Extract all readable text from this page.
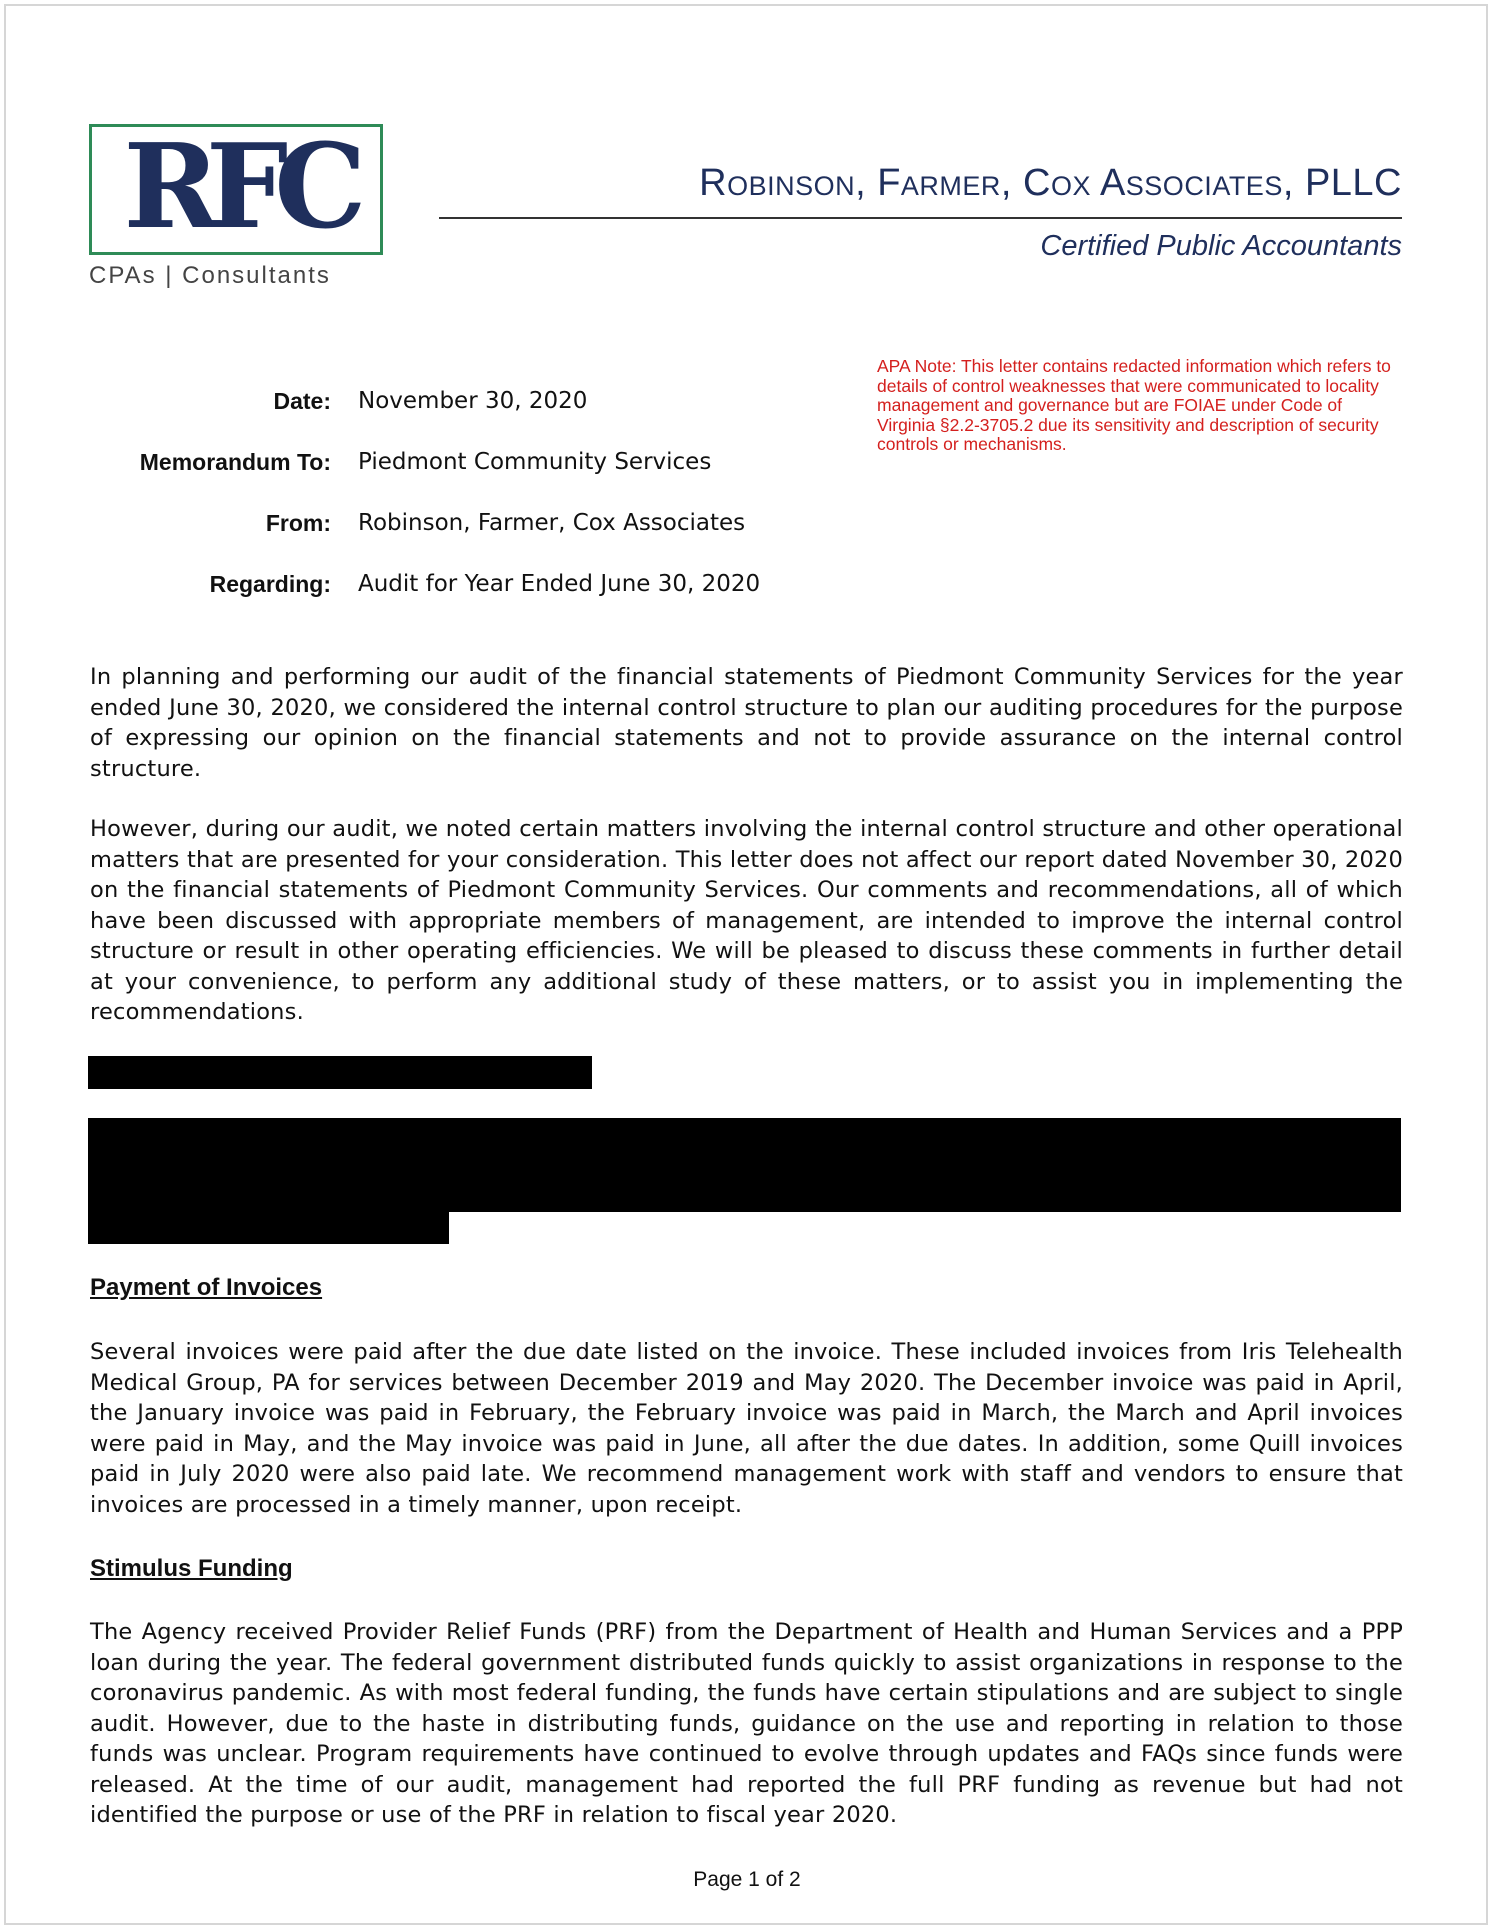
RFC
CPAs | Consultants
Robinson, Farmer, Cox Associates, PLLC
Certified Public Accountants
APA Note: This letter contains redacted information which refers to details of control weaknesses that were communicated to locality management and governance but are FOIAE under Code of Virginia §2.2-3705.2 due its sensitivity and description of security controls or mechanisms.
Date: November 30, 2020
Memorandum To: Piedmont Community Services
From: Robinson, Farmer, Cox Associates
Regarding: Audit for Year Ended June 30, 2020
In planning and performing our audit of the financial statements of Piedmont Community Services for the year ended June 30, 2020, we considered the internal control structure to plan our auditing procedures for the purpose of expressing our opinion on the financial statements and not to provide assurance on the internal control structure.
However, during our audit, we noted certain matters involving the internal control structure and other operational matters that are presented for your consideration. This letter does not affect our report dated November 30, 2020 on the financial statements of Piedmont Community Services. Our comments and recommendations, all of which have been discussed with appropriate members of management, are intended to improve the internal control structure or result in other operating efficiencies. We will be pleased to discuss these comments in further detail at your convenience, to perform any additional study of these matters, or to assist you in implementing the recommendations.
Payment of Invoices
Several invoices were paid after the due date listed on the invoice. These included invoices from Iris Telehealth Medical Group, PA for services between December 2019 and May 2020. The December invoice was paid in April, the January invoice was paid in February, the February invoice was paid in March, the March and April invoices were paid in May, and the May invoice was paid in June, all after the due dates. In addition, some Quill invoices paid in July 2020 were also paid late. We recommend management work with staff and vendors to ensure that invoices are processed in a timely manner, upon receipt.
Stimulus Funding
The Agency received Provider Relief Funds (PRF) from the Department of Health and Human Services and a PPP loan during the year. The federal government distributed funds quickly to assist organizations in response to the coronavirus pandemic. As with most federal funding, the funds have certain stipulations and are subject to single audit. However, due to the haste in distributing funds, guidance on the use and reporting in relation to those funds was unclear. Program requirements have continued to evolve through updates and FAQs since funds were released. At the time of our audit, management had reported the full PRF funding as revenue but had not identified the purpose or use of the PRF in relation to fiscal year 2020.
Page 1 of 2
